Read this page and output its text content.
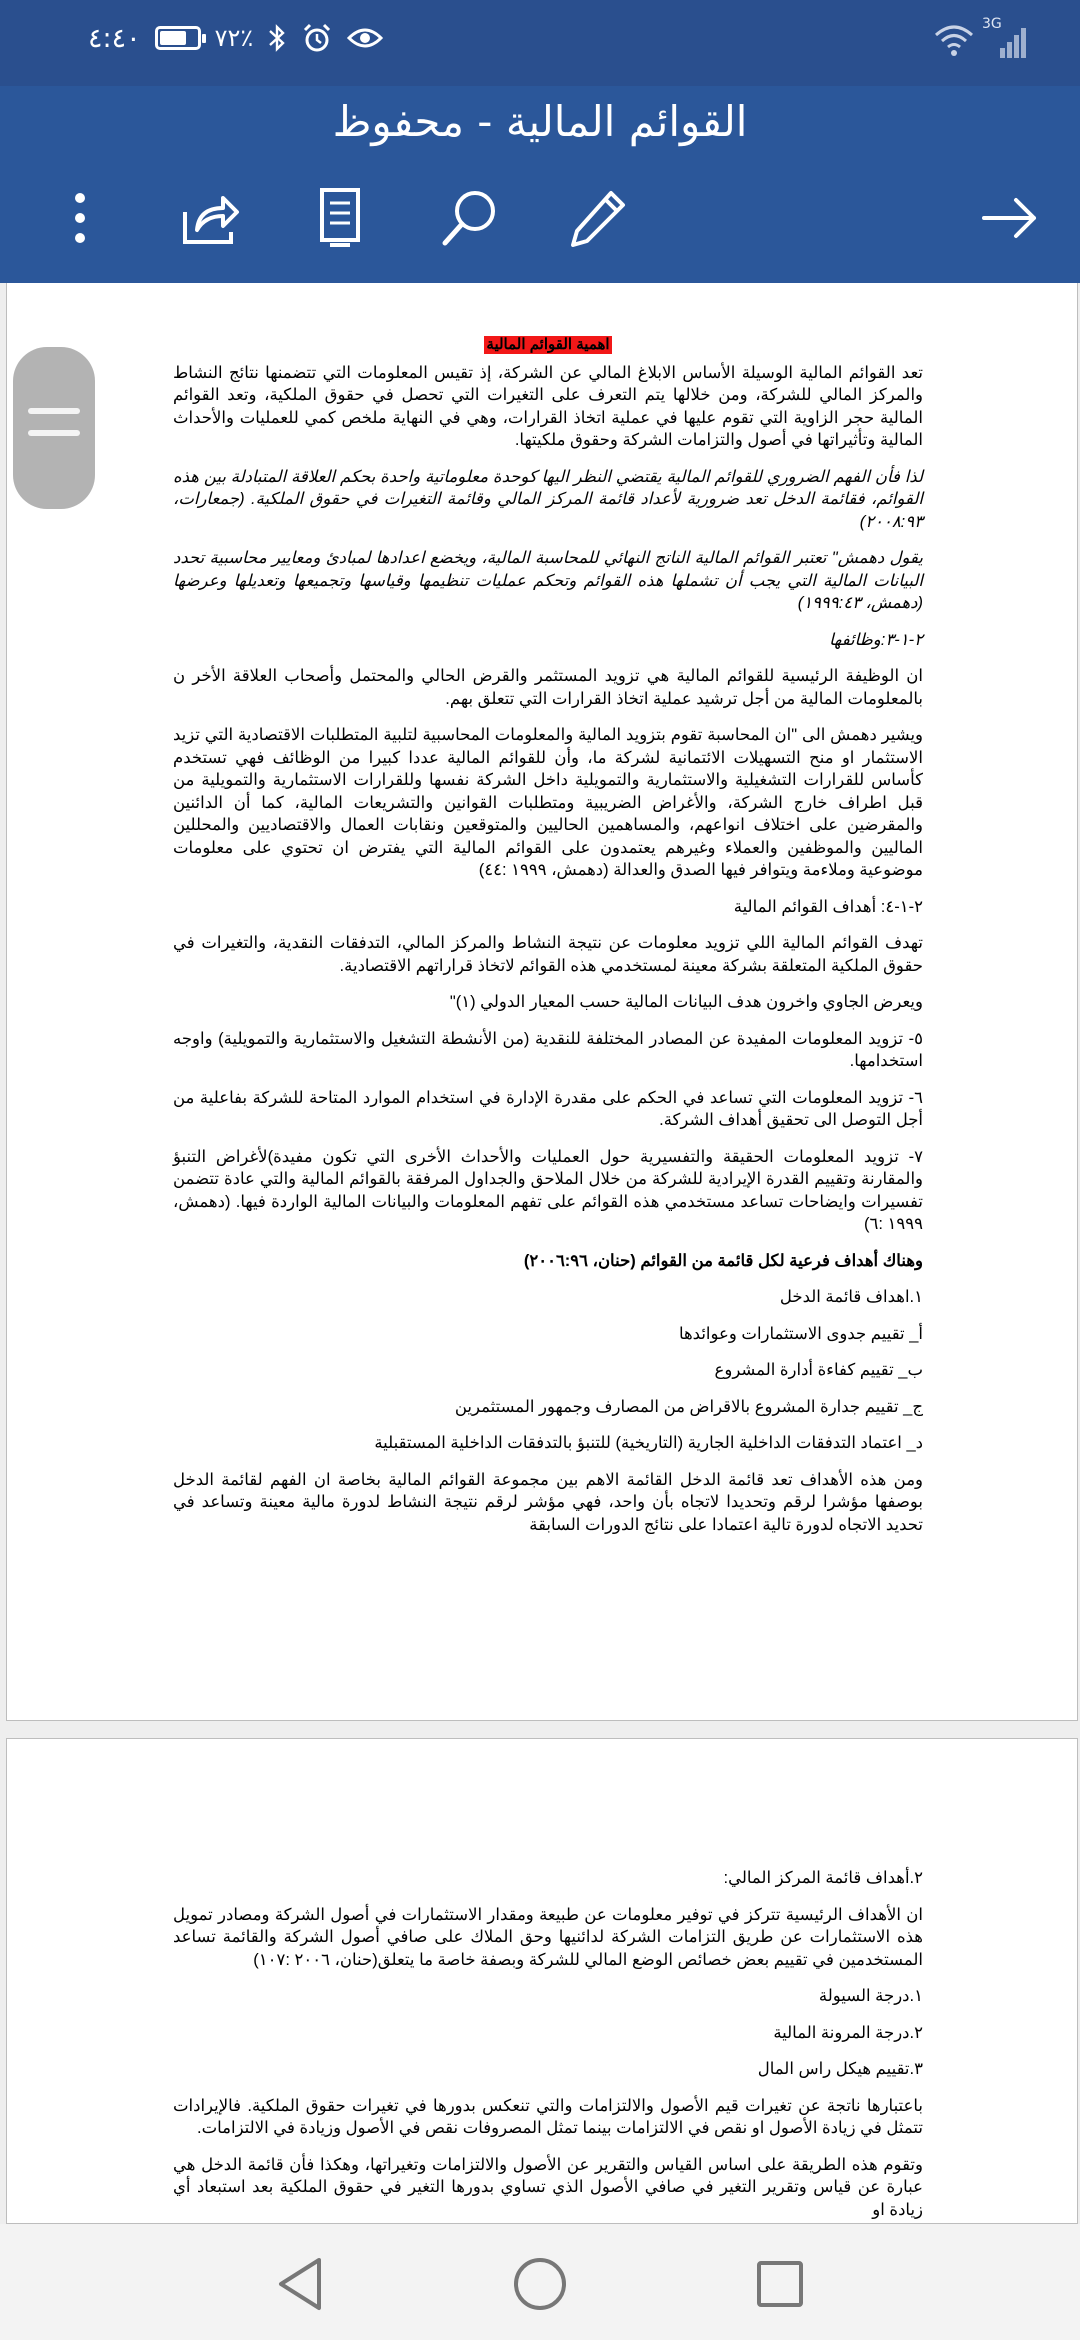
٤:٤٠	٧٢٪	3G
القوائم المالية - محفوظ

اهمية القوائم المالية

تعد القوائم المالية الوسيلة الأساس الابلاغ المالي عن الشركة، إذ تقيس المعلومات التي تتضمنها نتائج النشاط والمركز المالي للشركة، ومن خلالها يتم التعرف على التغيرات التي تحصل في حقوق الملكية، وتعد القوائم المالية حجر الزاوية التي تقوم عليها في عملية اتخاذ القرارات، وهي في النهاية ملخص كمي للعمليات والأحداث المالية وتأثيراتها في أصول والتزامات الشركة وحقوق ملكيتها.

لذا فأن الفهم الضروري للقوائم المالية يقتضي النظر اليها كوحدة معلوماتية واحدة بحكم العلاقة المتبادلة بين هذه القوائم، فقائمة الدخل تعد ضرورية لأعداد قائمة المركز المالي وقائمة التغيرات في حقوق الملكية. (جمعارات، ٢٠٠٨:٩٣)

يقول دهمش" تعتبر القوائم المالية الناتج النهائي للمحاسبة المالية، ويخضع اعدادها لمبادئ ومعايير محاسبية تحدد البيانات المالية التي يجب أن تشملها هذه القوائم وتحكم عمليات تنظيمها وقياسها وتجميعها وتعديلها وعرضها (دهمش، ١٩٩٩:٤٣)

٢-١-٣:وظائفها

ان الوظيفة الرئيسية للقوائم المالية هي تزويد المستثمر والقرض الحالي والمحتمل وأصحاب العلاقة الأخر ن بالمعلومات المالية من أجل ترشيد عملية اتخاذ القرارات التي تتعلق بهم.

ويشير دهمش الى "ان المحاسبة تقوم بتزويد المالية والمعلومات المحاسبية لتلبية المتطلبات الاقتصادية التي تزيد الاستثمار او منح التسهيلات الائتمانية لشركة ما، وأن للقوائم المالية عددا كبيرا من الوظائف فهي تستخدم كأساس للقرارات التشغيلية والاستثمارية والتمويلية داخل الشركة نفسها وللقرارات الاستثمارية والتمويلية من قبل اطراف خارج الشركة، والأغراض الضريبية ومتطلبات القوانين والتشريعات المالية، كما أن الدائنين والمقرضين على اختلاف انواعهم، والمساهمين الحاليين والمتوقعين ونقابات العمال والاقتصاديين والمحللين الماليين والموظفين والعملاء وغيرهم يعتمدون على القوائم المالية التي يفترض ان تحتوي على معلومات موضوعية وملاءمة ويتوافر فيها الصدق والعدالة (دهمش، ١٩٩٩ :٤٤)

٢-١-٤: أهداف القوائم المالية

تهدف القوائم المالية اللي تزويد معلومات عن نتيجة النشاط والمركز المالي، التدفقات النقدية، والتغيرات في حقوق الملكية المتعلقة بشركة معينة لمستخدمي هذه القوائم لاتخاذ قراراتهم الاقتصادية.

ويعرض الجاوي واخرون هدف البيانات المالية حسب المعيار الدولي (١)"

٥- تزويد المعلومات المفيدة عن المصادر المختلفة للنقدية (من الأنشطة التشغيل والاستثمارية والتمويلية) واوجه استخدامها.

٦- تزويد المعلومات التي تساعد في الحكم على مقدرة الإدارة في استخدام الموارد المتاحة للشركة بفاعلية من أجل التوصل الى تحقيق أهداف الشركة.

٧- تزويد المعلومات الحقيقة والتفسيرية حول العمليات والأحداث الأخرى التي تكون مفيدة)لأغراض التنبؤ والمقارنة وتقييم القدرة الإيرادية للشركة من خلال الملاحق والجداول المرفقة بالقوائم المالية والتي عادة تتضمن تفسيرات وايضاحات تساعد مستخدمي هذه القوائم على تفهم المعلومات والبيانات المالية الواردة فيها. (دهمش، ١٩٩٩ :٦)

وهناك أهداف فرعية لكل قائمة من القوائم (حنان، ٢٠٠٦:٩٦)

١.اهداف قائمة الدخل

أ_ تقييم جدوى الاستثمارات وعوائدها

ب_ تقييم كفاءة أدارة المشروع

ج_ تقييم جدارة المشروع بالاقراض من المصارف وجمهور المستثمرين

د_ اعتماد التدفقات الداخلية الجارية (التاريخية) للتنبؤ بالتدفقات الداخلية المستقبلية

ومن هذه الأهداف تعد قائمة الدخل القائمة الاهم بين مجموعة القوائم المالية بخاصة ان الفهم لقائمة الدخل بوصفها مؤشرا لرقم وتحديدا لاتجاه بأن واحد، فهي مؤشر لرقم نتيجة النشاط لدورة مالية معينة وتساعد في تحديد الاتجاه لدورة تالية اعتمادا على نتائج الدورات السابقة

٢.أهداف قائمة المركز المالي:

ان الأهداف الرئيسية تتركز في توفير معلومات عن طبيعة ومقدار الاستثمارات في أصول الشركة ومصادر تمويل هذه الاستثمارات عن طريق التزامات الشركة لدائنيها وحق الملاك على صافي أصول الشركة والقائمة تساعد المستخدمين في تقييم بعض خصائص الوضع المالي للشركة وبصفة خاصة ما يتعلق(حنان، ٢٠٠٦ :١٠٧)

١.درجة السيولة

٢.درجة المرونة المالية

٣.تقييم هيكل راس المال

باعتبارها ناتجة عن تغيرات قيم الأصول والالتزامات والتي تنعكس بدورها في تغيرات حقوق الملكية. فالإيرادات تتمثل في زيادة الأصول او نقص في الالتزامات بينما تمثل المصروفات نقص في الأصول وزيادة في الالتزامات.

وتقوم هذه الطريقة على اساس القياس والتقرير عن الأصول والالتزامات وتغيراتها، وهكذا فأن قائمة الدخل هي عبارة عن قياس وتقرير التغير في صافي الأصول الذي تساوي بدورها التغير في حقوق الملكية بعد استبعاد أي زيادة او
